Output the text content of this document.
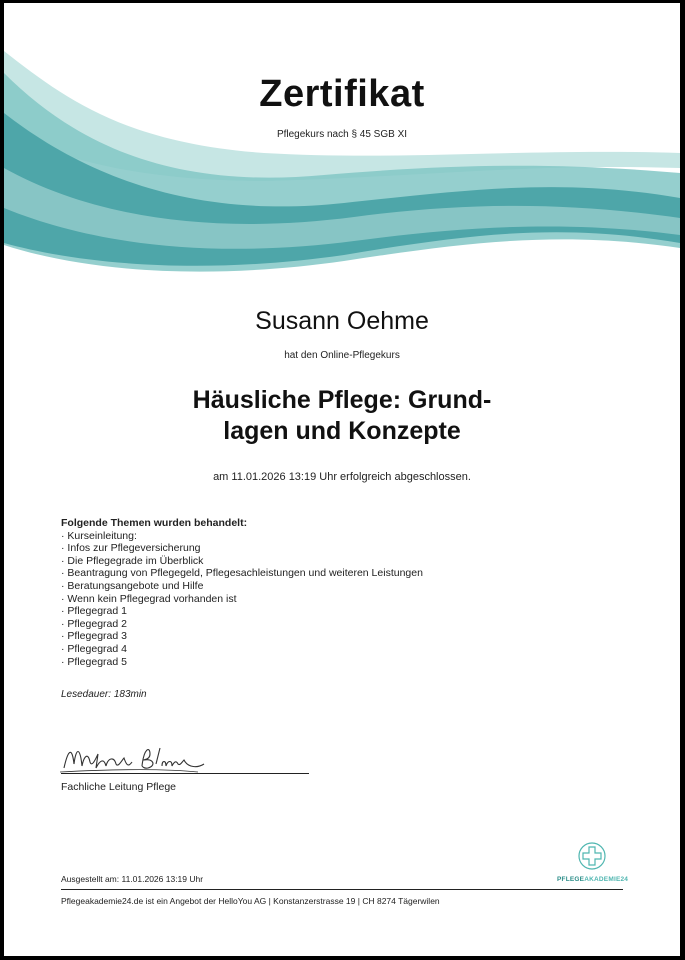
Zertifikat
Pflegekurs nach § 45 SGB XI
Susann Oehme
hat den Online-Pflegekurs
Häusliche Pflege: Grund-
lagen und Konzepte
am 11.01.2026 13:19 Uhr erfolgreich abgeschlossen.
Folgende Themen wurden behandelt:
· Kurseinleitung:
· Infos zur Pflegeversicherung
· Die Pflegegrade im Überblick
· Beantragung von Pflegegeld, Pflegesachleistungen und weiteren Leistungen
· Beratungsangebote und Hilfe
· Wenn kein Pflegegrad vorhanden ist
· Pflegegrad 1
· Pflegegrad 2
· Pflegegrad 3
· Pflegegrad 4
· Pflegegrad 5
Lesedauer: 183min
Fachliche Leitung Pflege
PFLEGEAKADEMIE24
Ausgestellt am: 11.01.2026 13:19 Uhr
Pflegeakademie24.de ist ein Angebot der HelloYou AG | Konstanzerstrasse 19 | CH 8274 Tägerwilen
